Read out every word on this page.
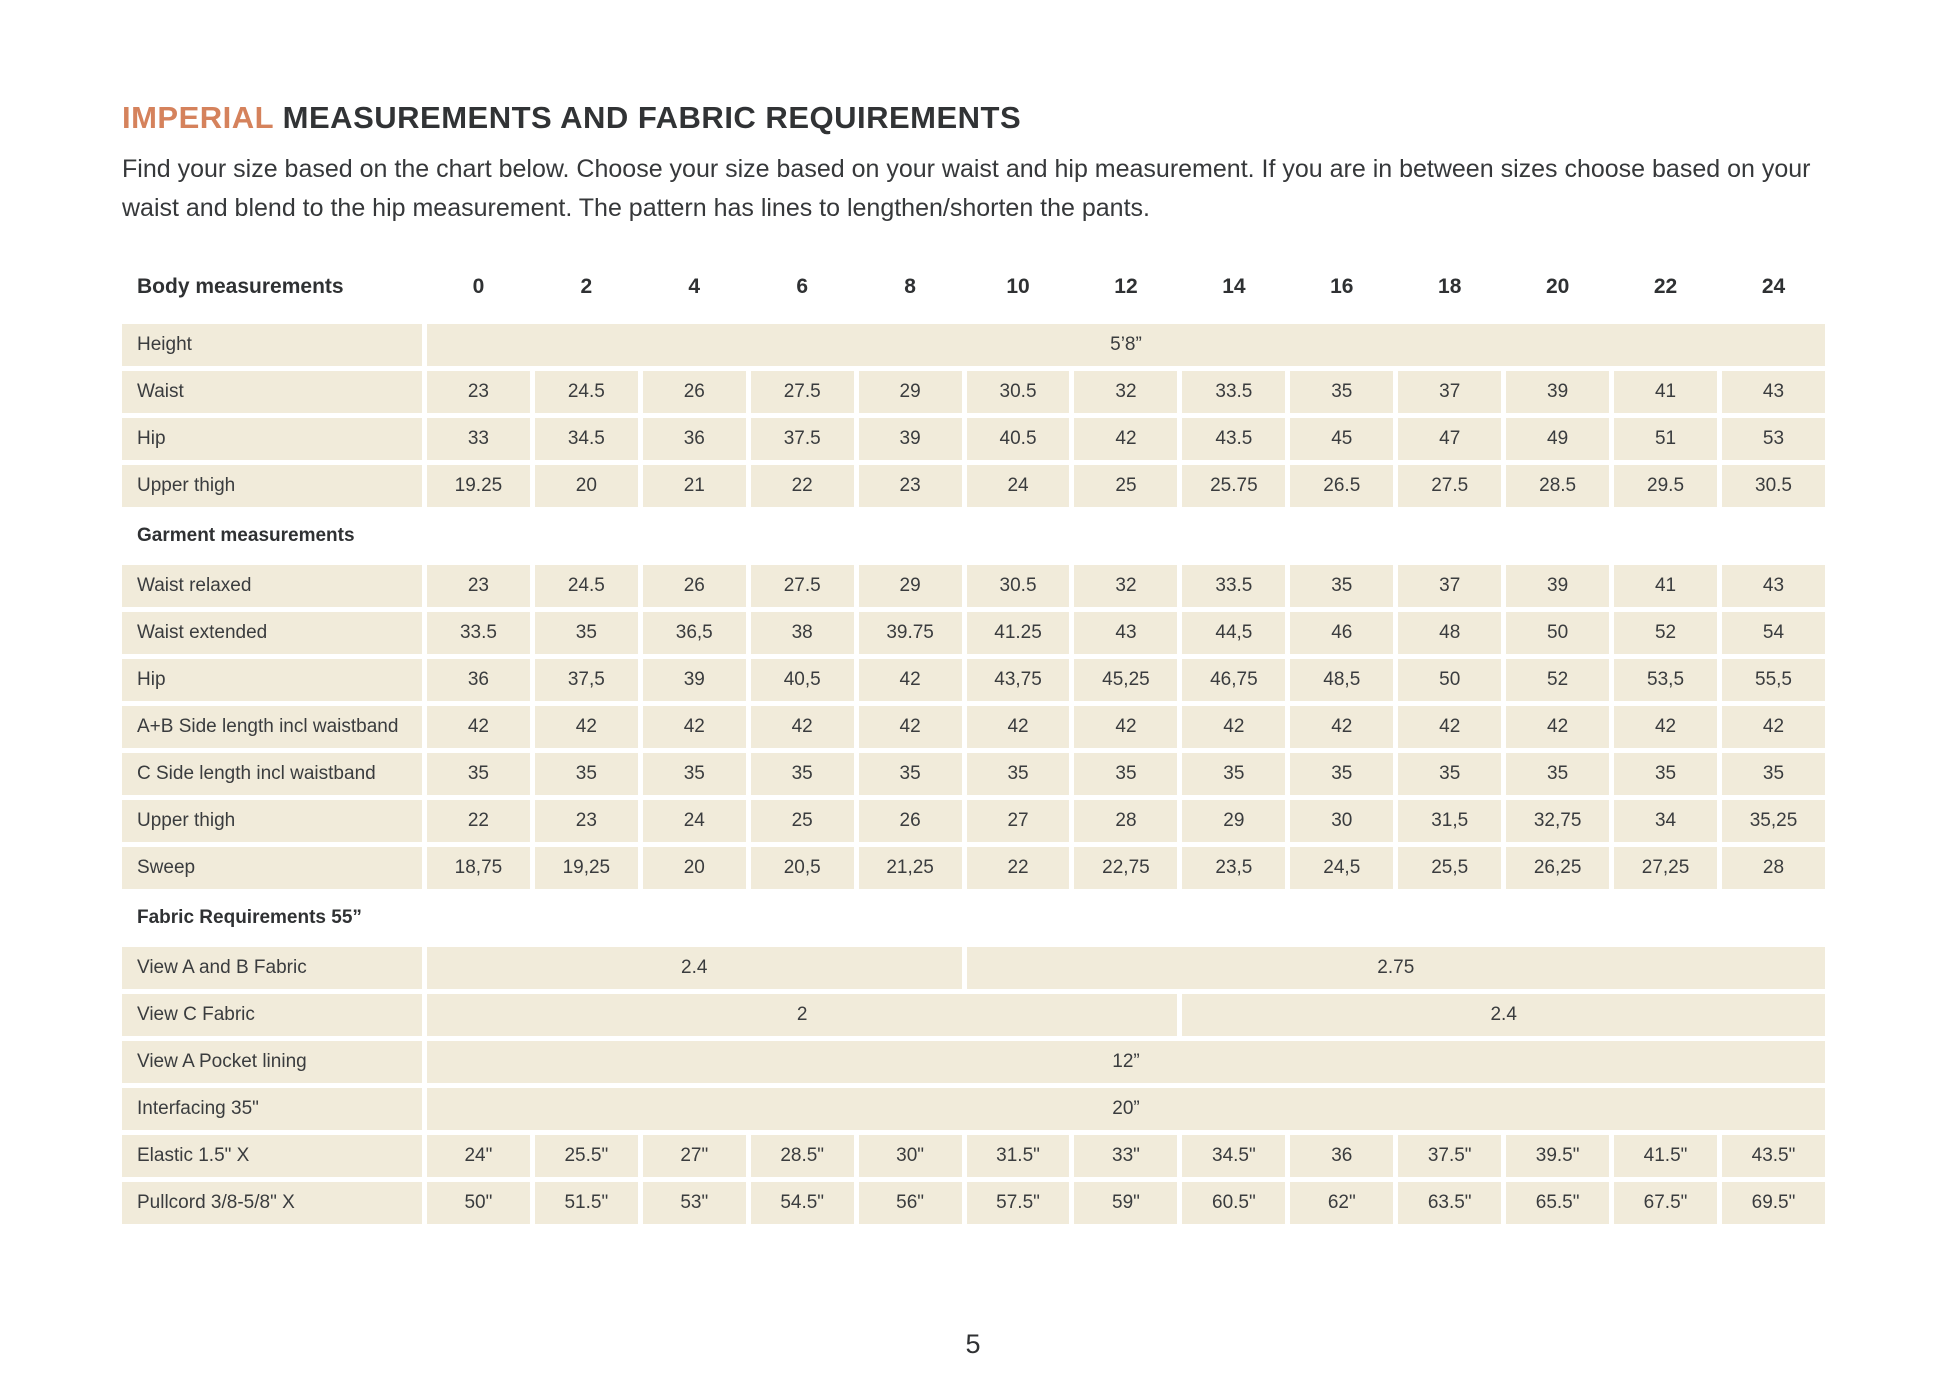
IMPERIAL MEASUREMENTS AND FABRIC REQUIREMENTS

Find your size based on the chart below. Choose your size based on your waist and hip measurement. If you are in between sizes choose based on your waist and blend to the hip measurement. The pattern has lines to lengthen/shorten the pants.

Body measurements	0	2	4	6	8	10	12	14	16	18	20	22	24
Height	5’8”												
Waist	23	24.5	26	27.5	29	30.5	32	33.5	35	37	39	41	43
Hip	33	34.5	36	37.5	39	40.5	42	43.5	45	47	49	51	53
Upper thigh	19.25	20	21	22	23	24	25	25.75	26.5	27.5	28.5	29.5	30.5
Garment measurements													
Waist relaxed	23	24.5	26	27.5	29	30.5	32	33.5	35	37	39	41	43
Waist extended	33.5	35	36,5	38	39.75	41.25	43	44,5	46	48	50	52	54
Hip	36	37,5	39	40,5	42	43,75	45,25	46,75	48,5	50	52	53,5	55,5
A+B Side length incl waistband	42	42	42	42	42	42	42	42	42	42	42	42	42
C Side length incl waistband	35	35	35	35	35	35	35	35	35	35	35	35	35
Upper thigh	22	23	24	25	26	27	28	29	30	31,5	32,75	34	35,25
Sweep	18,75	19,25	20	20,5	21,25	22	22,75	23,5	24,5	25,5	26,25	27,25	28
Fabric Requirements 55”													
View A and B Fabric	2.4					2.75							
View C Fabric	2							2.4					
View A Pocket lining	12”												
Interfacing 35"	20”												
Elastic 1.5" X	24"	25.5"	27"	28.5"	30"	31.5"	33"	34.5"	36	37.5"	39.5"	41.5"	43.5"
Pullcord 3/8-5/8" X	50"	51.5"	53"	54.5"	56"	57.5"	59"	60.5"	62"	63.5"	65.5"	67.5"	69.5"
5
